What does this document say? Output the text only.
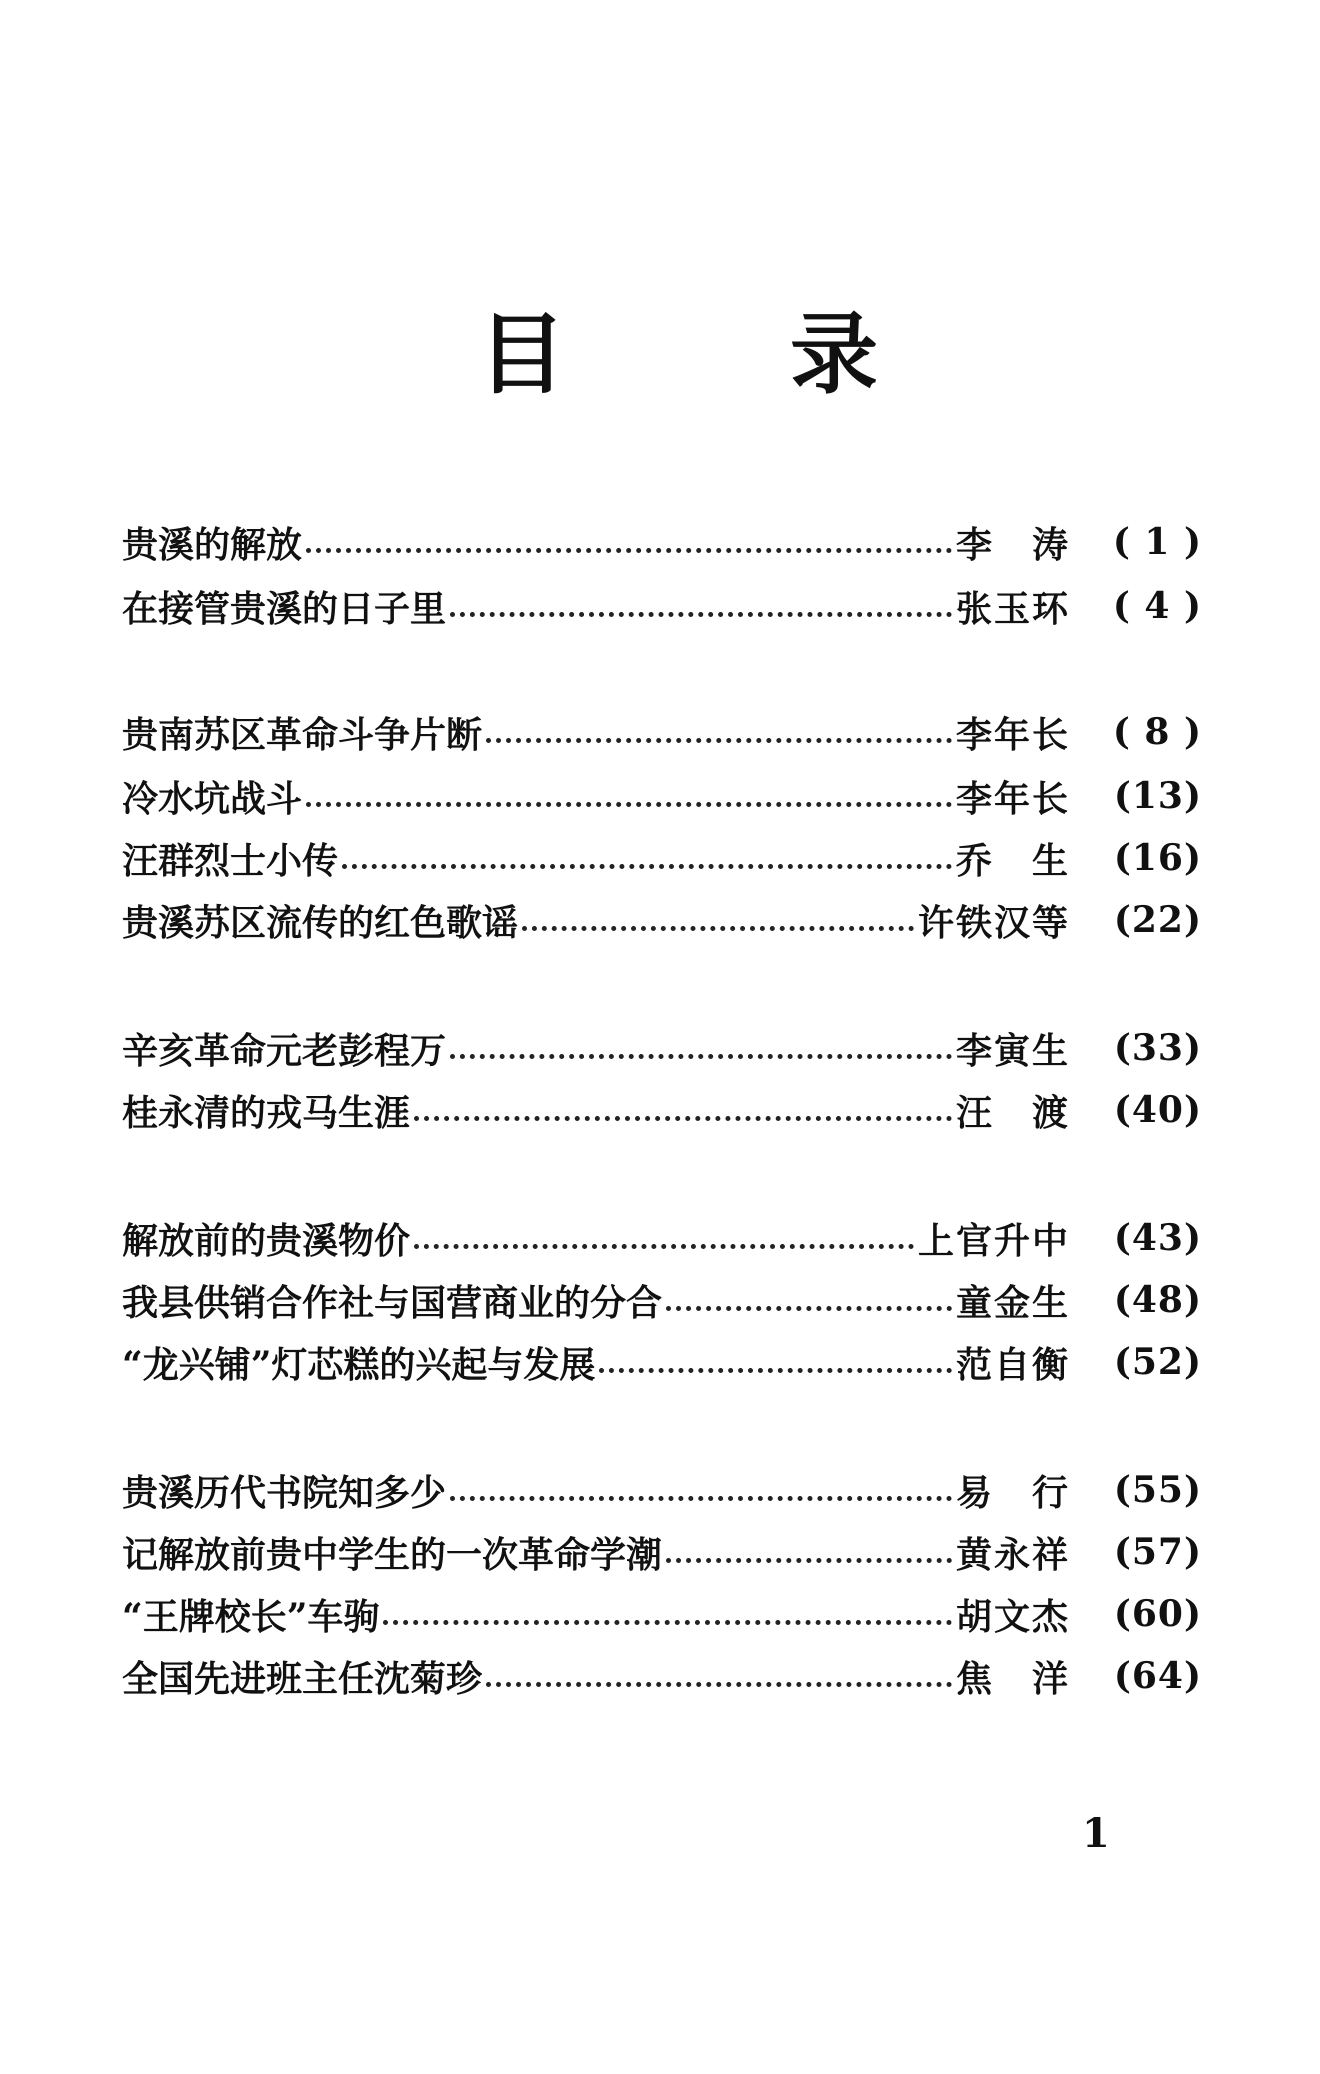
目	录
贵溪的解放	李　涛	( 1 )
在接管贵溪的日子里	张玉环	( 4 )
贵南苏区革命斗争片断	李年长	( 8 )
冷水坑战斗	李年长	(13)
汪群烈士小传	乔　生	(16)
贵溪苏区流传的红色歌谣	许铁汉等	(22)
辛亥革命元老彭程万	李寅生	(33)
桂永清的戎马生涯	汪　渡	(40)
解放前的贵溪物价	上官升中	(43)
我县供销合作社与国营商业的分合	童金生	(48)
“龙兴铺”灯芯糕的兴起与发展	范自衡	(52)
贵溪历代书院知多少	易　行	(55)
记解放前贵中学生的一次革命学潮	黄永祥	(57)
“王牌校长”车驹	胡文杰	(60)
全国先进班主任沈菊珍	焦　洋	(64)
1
